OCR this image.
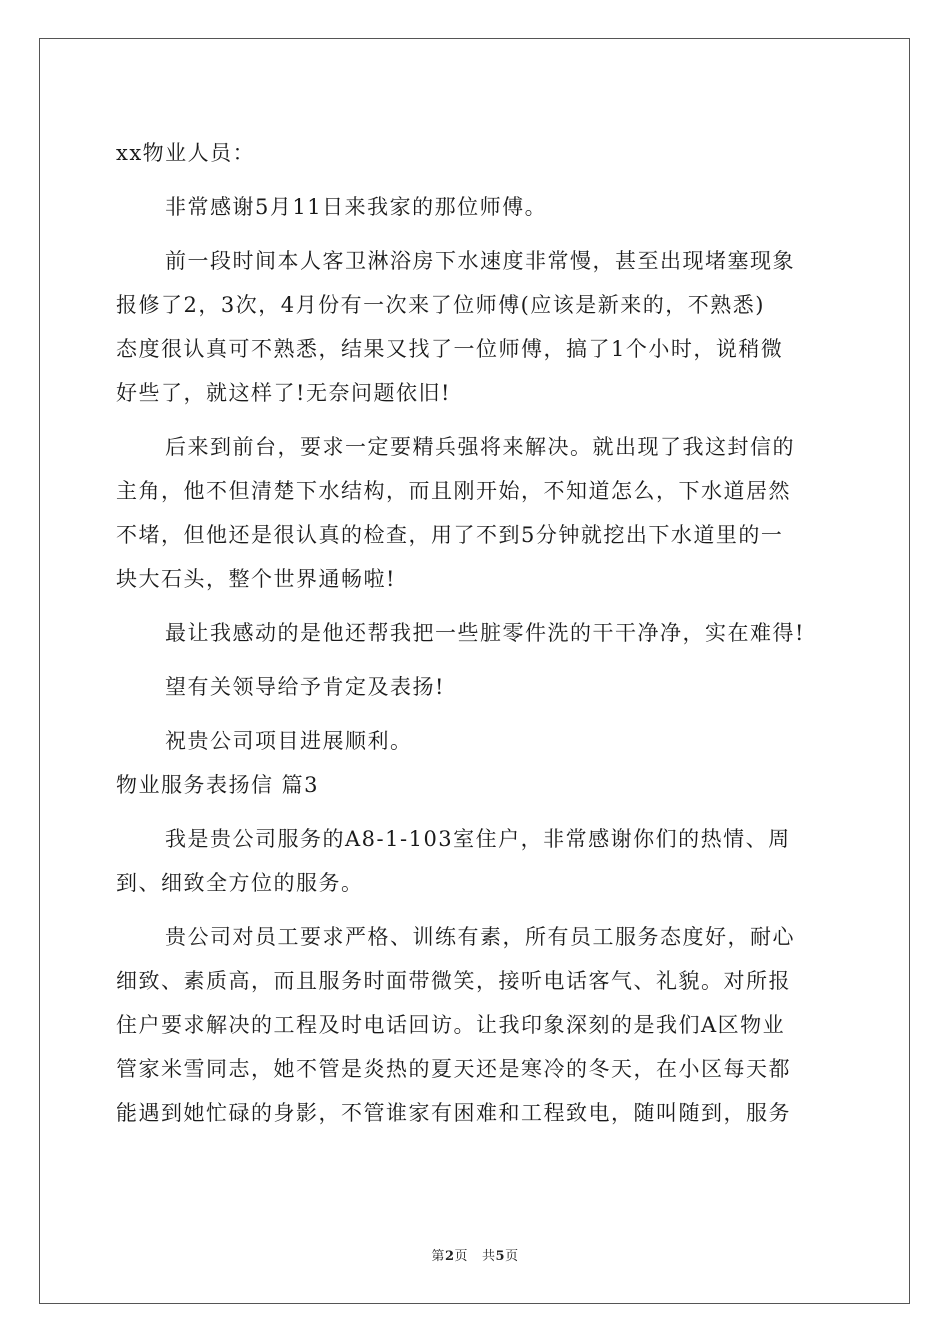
xx物业人员：
非常感谢5月11日来我家的那位师傅。
前一段时间本人客卫淋浴房下水速度非常慢，甚至出现堵塞现象
报修了2，3次，4月份有一次来了位师傅(应该是新来的，不熟悉)
态度很认真可不熟悉，结果又找了一位师傅，搞了1个小时，说稍微
好些了，就这样了!无奈问题依旧!
后来到前台，要求一定要精兵强将来解决。就出现了我这封信的
主角，他不但清楚下水结构，而且刚开始，不知道怎么，下水道居然
不堵，但他还是很认真的检查，用了不到5分钟就挖出下水道里的一
块大石头，整个世界通畅啦!
最让我感动的是他还帮我把一些脏零件洗的干干净净，实在难得!
望有关领导给予肯定及表扬!
祝贵公司项目进展顺利。
物业服务表扬信 篇3
我是贵公司服务的A8-1-103室住户，非常感谢你们的热情、周
到、细致全方位的服务。
贵公司对员工要求严格、训练有素，所有员工服务态度好，耐心
细致、素质高，而且服务时面带微笑，接听电话客气、礼貌。对所报
住户要求解决的工程及时电话回访。让我印象深刻的是我们A区物业
管家米雪同志，她不管是炎热的夏天还是寒冷的冬天，在小区每天都
能遇到她忙碌的身影，不管谁家有困难和工程致电，随叫随到，服务
第2页 共5页
